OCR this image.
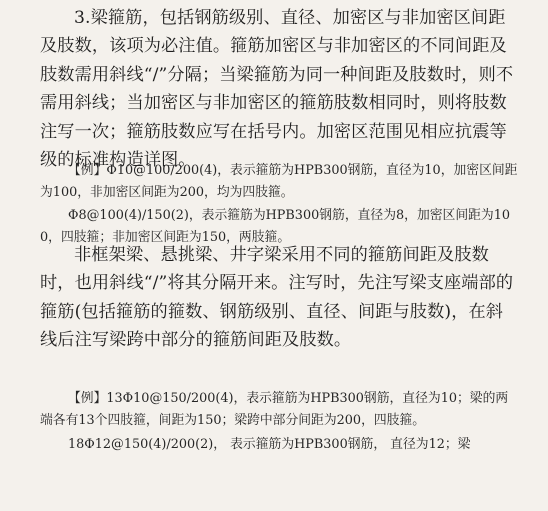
3.梁箍筋，包括钢筋级别、直径、加密区与非加密区间距及肢数，该项为必注值。箍筋加密区与非加密区的不同间距及肢数需用斜线“/”分隔；当梁箍筋为同一种间距及肢数时，则不需用斜线；当加密区与非加密区的箍筋肢数相同时，则将肢数注写一次；箍筋肢数应写在括号内。加密区范围见相应抗震等级的标准构造详图。

【例】Φ10@100/200(4)，表示箍筋为HPB300钢筋，直径为10，加密区间距为100，非加密区间距为200，均为四肢箍。

Φ8@100(4)/150(2)，表示箍筋为HPB300钢筋，直径为8，加密区间距为100，四肢箍；非加密区间距为150，两肢箍。

非框架梁、悬挑梁、井字梁采用不同的箍筋间距及肢数时，也用斜线“/”将其分隔开来。注写时，先注写梁支座端部的箍筋(包括箍筋的箍数、钢筋级别、直径、间距与肢数)，在斜线后注写梁跨中部分的箍筋间距及肢数。

【例】13Φ10@150/200(4)，表示箍筋为HPB300钢筋，直径为10；梁的两端各有13个四肢箍，间距为150；梁跨中部分间距为200，四肢箍。

18Φ12@150(4)/200(2)， 表示箍筋为HPB300钢筋， 直径为12；梁
